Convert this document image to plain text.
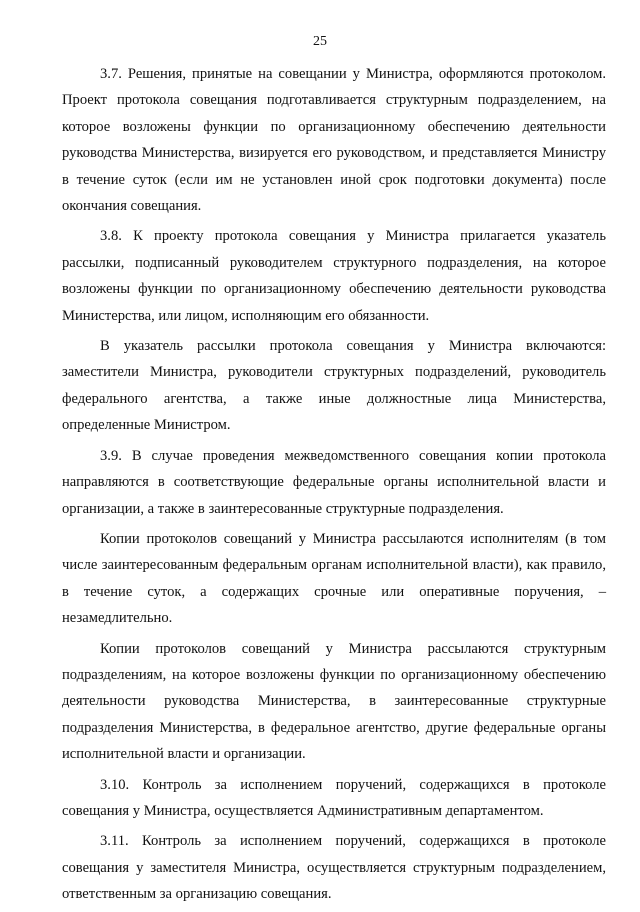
25

3.7. Решения, принятые на совещании у Министра, оформляются протоколом. Проект протокола совещания подготавливается структурным подразделением, на которое возложены функции по организационному обеспечению деятельности руководства Министерства, визируется его руководством, и представляется Министру в течение суток (если им не установлен иной срок подготовки документа) после окончания совещания.

3.8. К проекту протокола совещания у Министра прилагается указатель рассылки, подписанный руководителем структурного подразделения, на которое возложены функции по организационному обеспечению деятельности руководства Министерства, или лицом, исполняющим его обязанности.

В указатель рассылки протокола совещания у Министра включаются: заместители Министра, руководители структурных подразделений, руководитель федерального агентства, а также иные должностные лица Министерства, определенные Министром.

3.9. В случае проведения межведомственного совещания копии протокола направляются в соответствующие федеральные органы исполнительной власти и организации, а также в заинтересованные структурные подразделения.

Копии протоколов совещаний у Министра рассылаются исполнителям (в том числе заинтересованным федеральным органам исполнительной власти), как правило, в течение суток, а содержащих срочные или оперативные поручения, – незамедлительно.

Копии протоколов совещаний у Министра рассылаются структурным подразделениям, на которое возложены функции по организационному обеспечению деятельности руководства Министерства, в заинтересованные структурные подразделения Министерства, в федеральное агентство, другие федеральные органы исполнительной власти и организации.

3.10. Контроль за исполнением поручений, содержащихся в протоколе совещания у Министра, осуществляется Административным департаментом.

3.11. Контроль за исполнением поручений, содержащихся в протоколе совещания у заместителя Министра, осуществляется структурным подразделением, ответственным за организацию совещания.
